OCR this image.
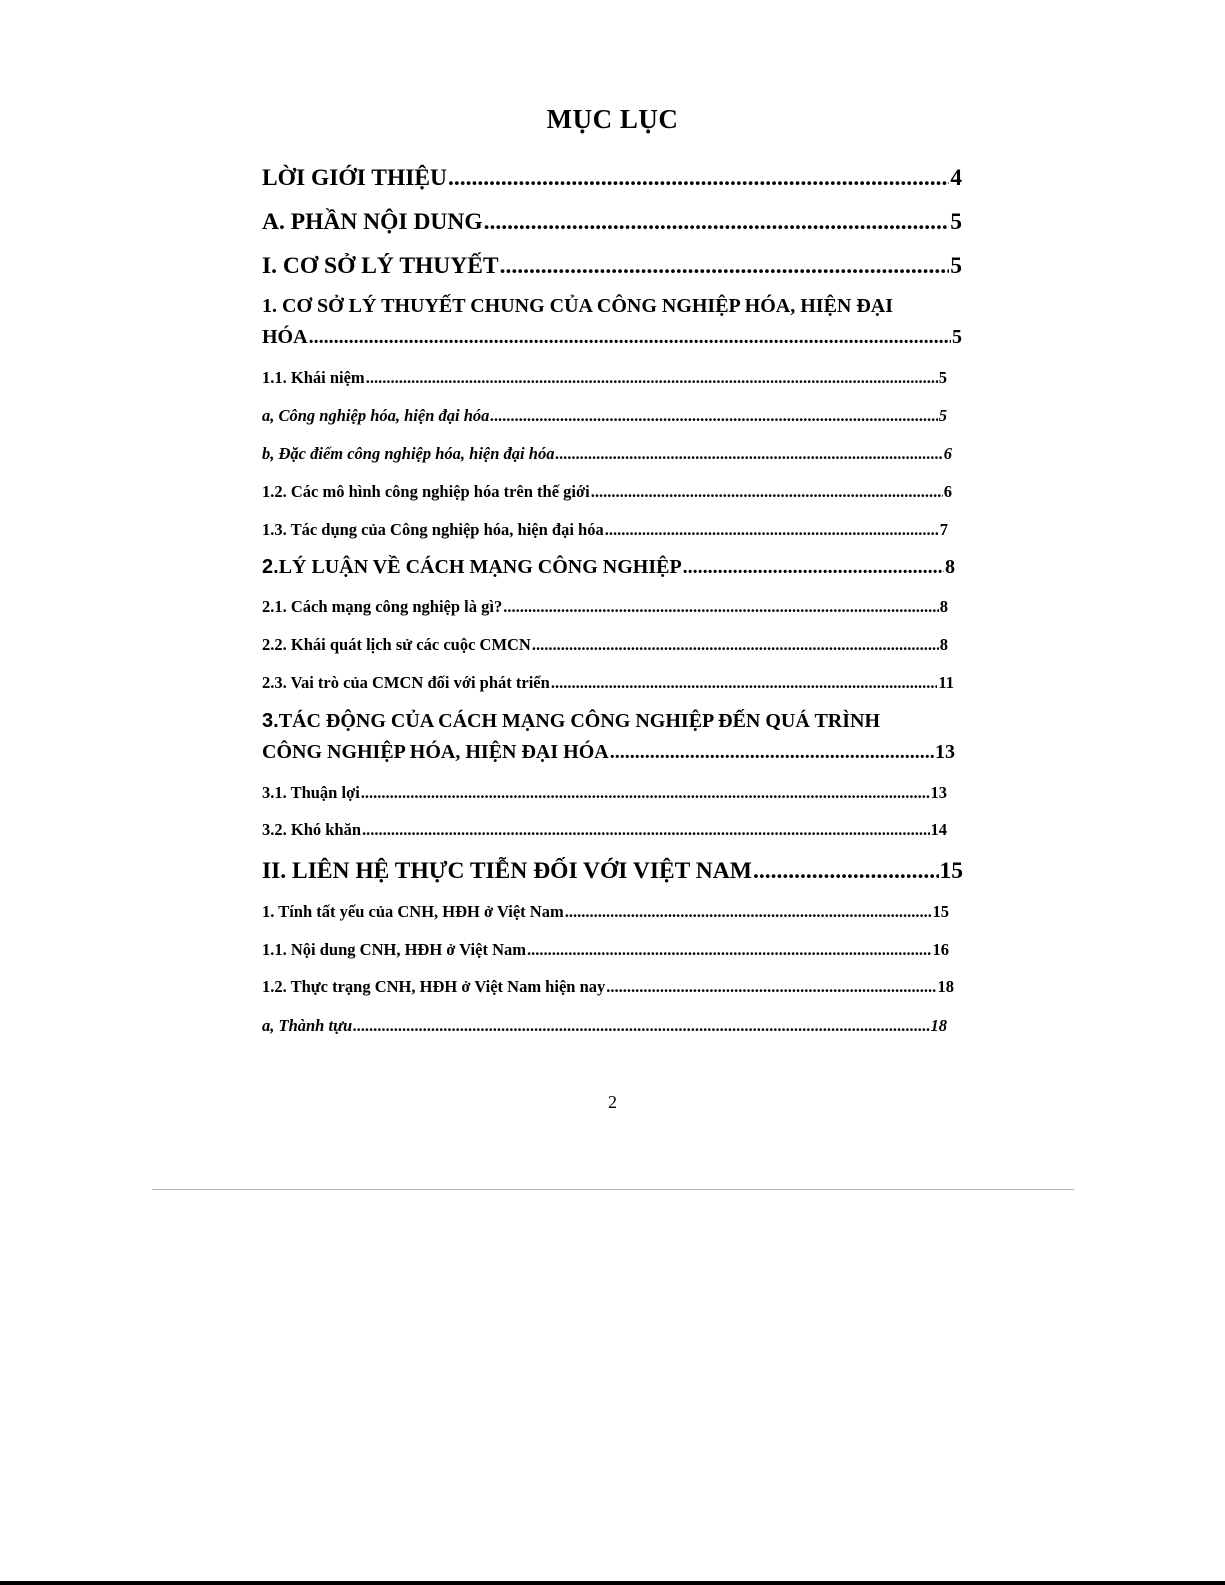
MỤC LỤC
LỜI GIỚI THIỆU .....	4
A. PHẦN NỘI DUNG .....	5
I. CƠ SỞ LÝ THUYẾT .....	5
1. CƠ SỞ LÝ THUYẾT CHUNG CỦA CÔNG NGHIỆP HÓA, HIỆN ĐẠI
HÓA .....	5
1.1. Khái niệm .....	5
a, Công nghiệp hóa, hiện đại hóa .....	5
b, Đặc điểm công nghiệp hóa, hiện đại hóa .....	6
1.2. Các mô hình công nghiệp hóa trên thế giới .....	6
1.3. Tác dụng của Công nghiệp hóa, hiện đại hóa .....	7
2. LÝ LUẬN VỀ CÁCH MẠNG CÔNG NGHIỆP .....	8
2.1. Cách mạng công nghiệp là gì? .....	8
2.2. Khái quát lịch sử các cuộc CMCN .....	8
2.3. Vai trò của CMCN đối với phát triển .....	11
3. TÁC ĐỘNG CỦA CÁCH MẠNG CÔNG NGHIỆP ĐẾN QUÁ TRÌNH
CÔNG NGHIỆP HÓA, HIỆN ĐẠI HÓA .....	13
3.1. Thuận lợi .....	13
3.2. Khó khăn .....	14
II. LIÊN HỆ THỰC TIỄN ĐỐI VỚI VIỆT NAM .....	15
1. Tính tất yếu của CNH, HĐH ở Việt Nam .....	15
1.1. Nội dung CNH, HĐH ở Việt Nam .....	16
1.2. Thực trạng CNH, HĐH ở Việt Nam hiện nay .....	18
a, Thành tựu .....	18
2
